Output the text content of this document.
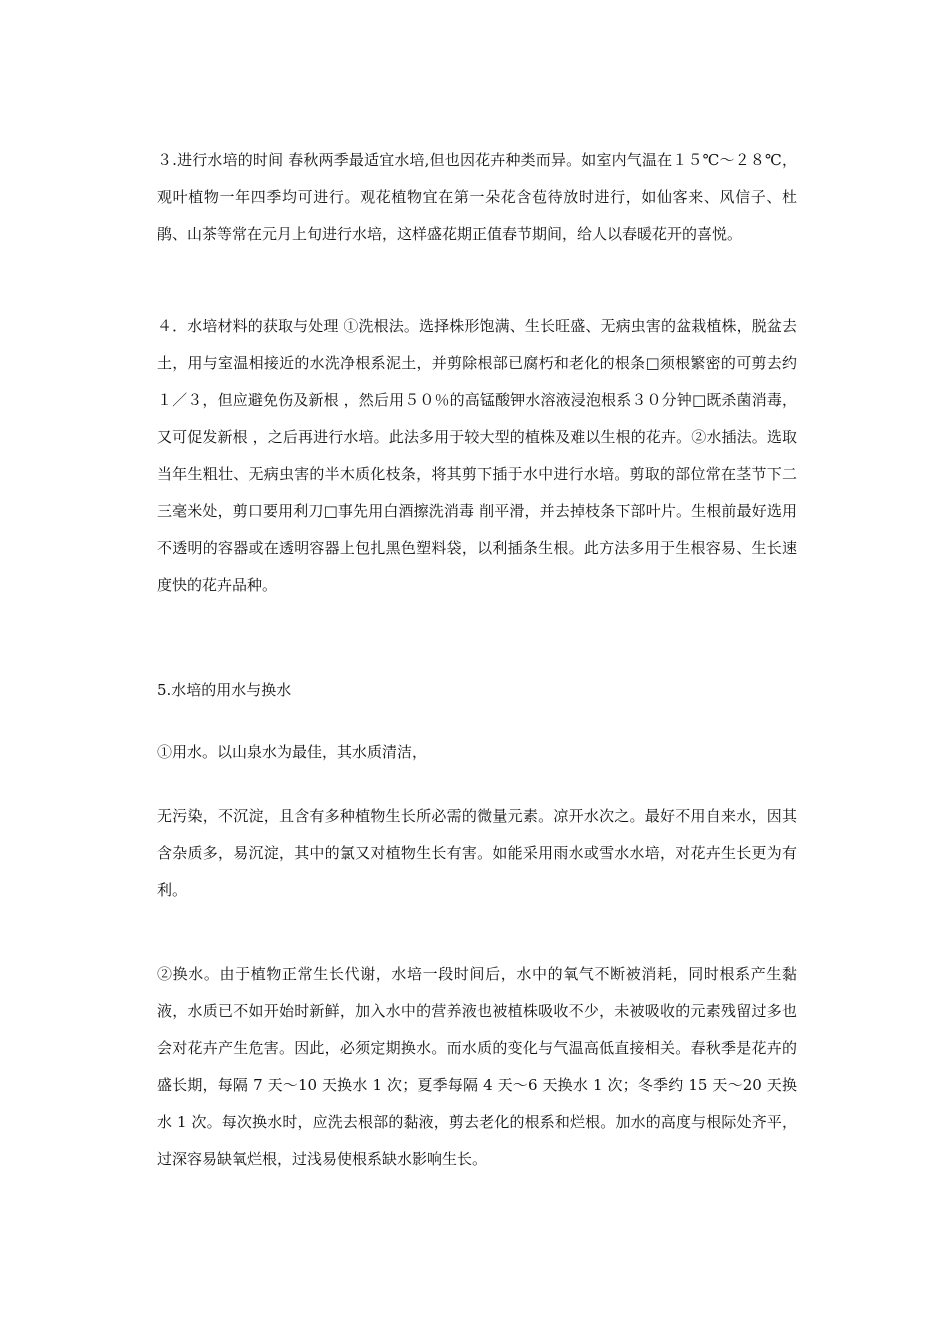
３.进行水培的时间 春秋两季最适宜水培,但也因花卉种类而异。如室内气温在１５℃～２８℃，观叶植物一年四季均可进行。观花植物宜在第一朵花含苞待放时进行，如仙客来、风信子、杜鹃、山茶等常在元月上旬进行水培，这样盛花期正值春节期间，给人以春暖花开的喜悦。

４．水培材料的获取与处理 ①洗根法。选择株形饱满、生长旺盛、无病虫害的盆栽植株，脱盆去土，用与室温相接近的水洗净根系泥土，并剪除根部已腐朽和老化的根条□须根繁密的可剪去约１／３，但应避免伤及新根 ，然后用５０％的高锰酸钾水溶液浸泡根系３０分钟□既杀菌消毒，又可促发新根 ，之后再进行水培。此法多用于较大型的植株及难以生根的花卉。②水插法。选取当年生粗壮、无病虫害的半木质化枝条，将其剪下插于水中进行水培。剪取的部位常在茎节下二三毫米处，剪口要用利刀□事先用白酒擦洗消毒 削平滑，并去掉枝条下部叶片。生根前最好选用不透明的容器或在透明容器上包扎黑色塑料袋，以利插条生根。此方法多用于生根容易、生长速度快的花卉品种。

5.水培的用水与换水

①用水。以山泉水为最佳，其水质清洁，

无污染，不沉淀，且含有多种植物生长所必需的微量元素。凉开水次之。最好不用自来水，因其含杂质多，易沉淀，其中的氯又对植物生长有害。如能采用雨水或雪水水培，对花卉生长更为有利。

②换水。由于植物正常生长代谢，水培一段时间后，水中的氧气不断被消耗，同时根系产生黏液，水质已不如开始时新鲜，加入水中的营养液也被植株吸收不少，未被吸收的元素残留过多也会对花卉产生危害。因此，必须定期换水。而水质的变化与气温高低直接相关。春秋季是花卉的盛长期，每隔 7 天～10 天换水 1 次；夏季每隔 4 天～6 天换水 1 次；冬季约 15 天～20 天换水 1 次。每次换水时，应洗去根部的黏液，剪去老化的根系和烂根。加水的高度与根际处齐平，过深容易缺氧烂根，过浅易使根系缺水影响生长。
